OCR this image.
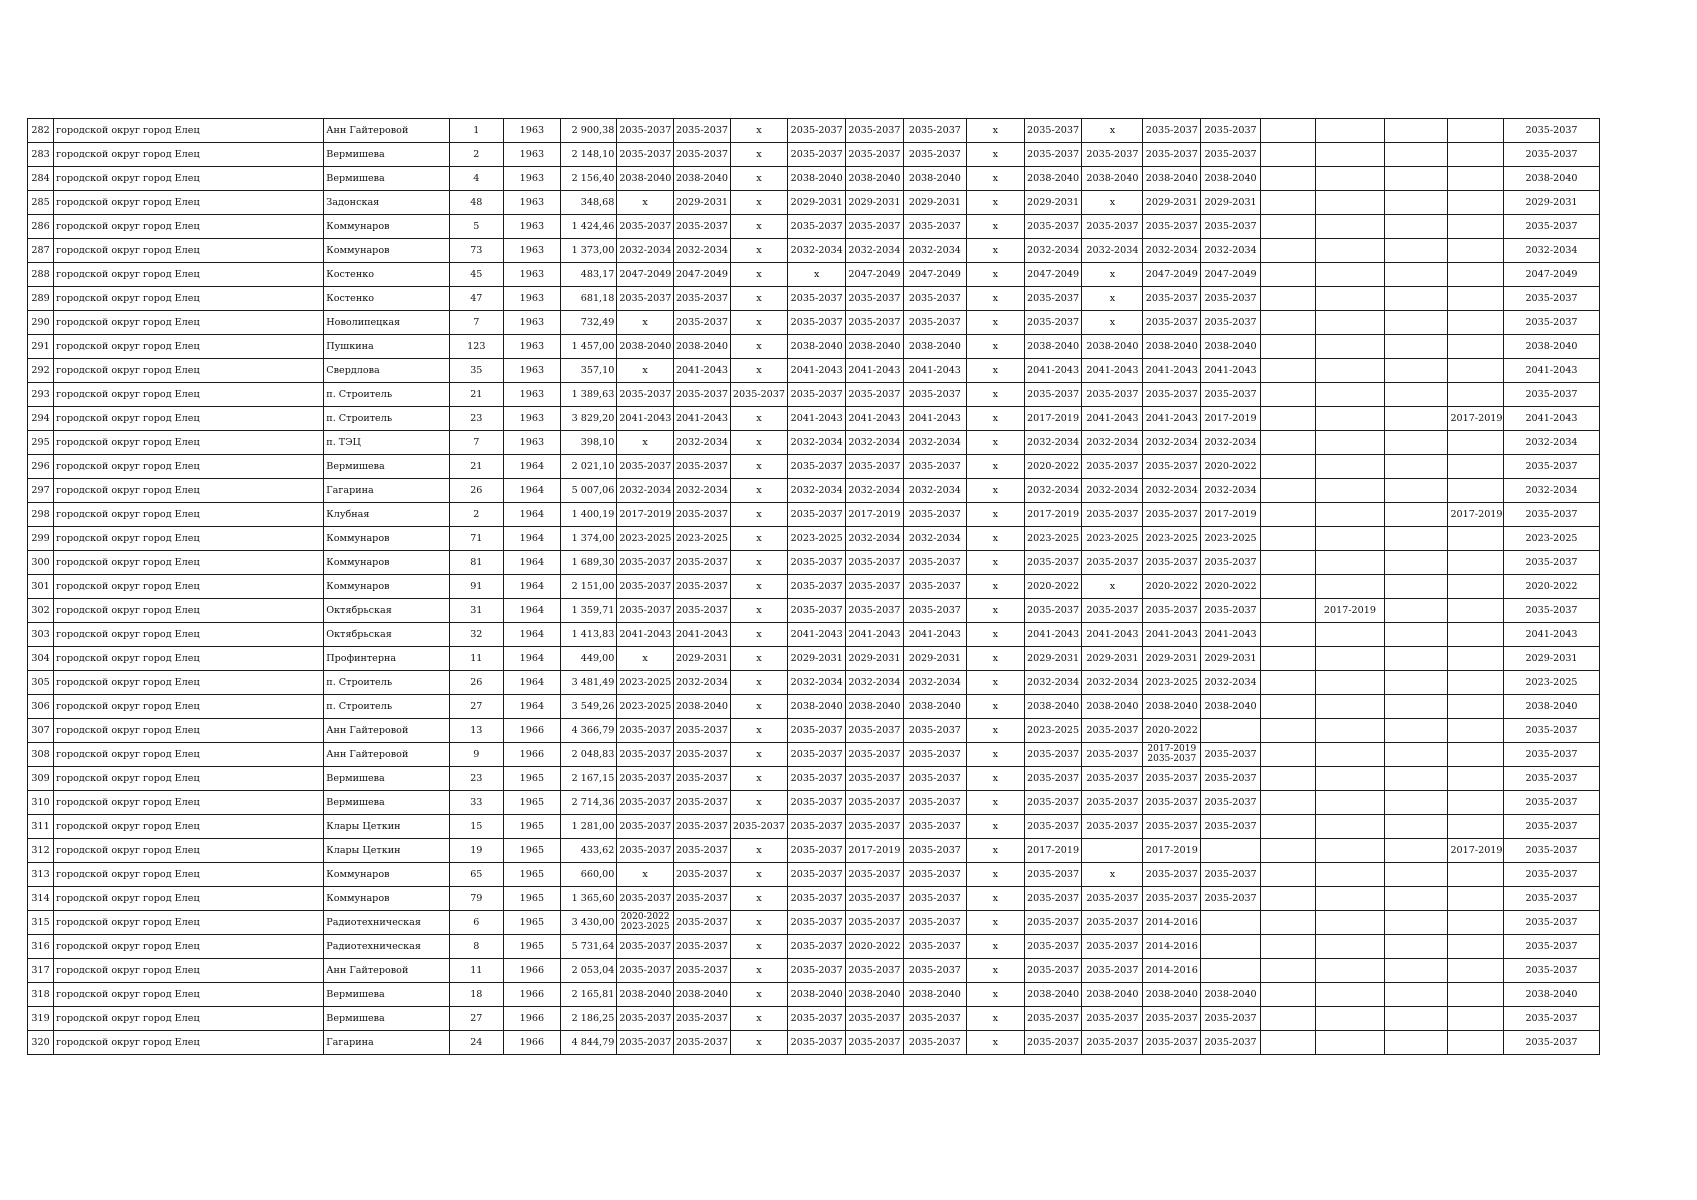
282	городской округ город Елец	Анн Гайтеровой	1	1963	2 900,38	2035-2037	2035-2037	x	2035-2037	2035-2037	2035-2037	x	2035-2037	x	2035-2037	2035-2037					2035-2037
283	городской округ город Елец	Вермишева	2	1963	2 148,10	2035-2037	2035-2037	x	2035-2037	2035-2037	2035-2037	x	2035-2037	2035-2037	2035-2037	2035-2037					2035-2037
284	городской округ город Елец	Вермишева	4	1963	2 156,40	2038-2040	2038-2040	x	2038-2040	2038-2040	2038-2040	x	2038-2040	2038-2040	2038-2040	2038-2040					2038-2040
285	городской округ город Елец	Задонская	48	1963	348,68	x	2029-2031	x	2029-2031	2029-2031	2029-2031	x	2029-2031	x	2029-2031	2029-2031					2029-2031
286	городской округ город Елец	Коммунаров	5	1963	1 424,46	2035-2037	2035-2037	x	2035-2037	2035-2037	2035-2037	x	2035-2037	2035-2037	2035-2037	2035-2037					2035-2037
287	городской округ город Елец	Коммунаров	73	1963	1 373,00	2032-2034	2032-2034	x	2032-2034	2032-2034	2032-2034	x	2032-2034	2032-2034	2032-2034	2032-2034					2032-2034
288	городской округ город Елец	Костенко	45	1963	483,17	2047-2049	2047-2049	x	x	2047-2049	2047-2049	x	2047-2049	x	2047-2049	2047-2049					2047-2049
289	городской округ город Елец	Костенко	47	1963	681,18	2035-2037	2035-2037	x	2035-2037	2035-2037	2035-2037	x	2035-2037	x	2035-2037	2035-2037					2035-2037
290	городской округ город Елец	Новолипецкая	7	1963	732,49	x	2035-2037	x	2035-2037	2035-2037	2035-2037	x	2035-2037	x	2035-2037	2035-2037					2035-2037
291	городской округ город Елец	Пушкина	123	1963	1 457,00	2038-2040	2038-2040	x	2038-2040	2038-2040	2038-2040	x	2038-2040	2038-2040	2038-2040	2038-2040					2038-2040
292	городской округ город Елец	Свердлова	35	1963	357,10	x	2041-2043	x	2041-2043	2041-2043	2041-2043	x	2041-2043	2041-2043	2041-2043	2041-2043					2041-2043
293	городской округ город Елец	п. Строитель	21	1963	1 389,63	2035-2037	2035-2037	2035-2037	2035-2037	2035-2037	2035-2037	x	2035-2037	2035-2037	2035-2037	2035-2037					2035-2037
294	городской округ город Елец	п. Строитель	23	1963	3 829,20	2041-2043	2041-2043	x	2041-2043	2041-2043	2041-2043	x	2017-2019	2041-2043	2041-2043	2017-2019				2017-2019	2041-2043
295	городской округ город Елец	п. ТЭЦ	7	1963	398,10	x	2032-2034	x	2032-2034	2032-2034	2032-2034	x	2032-2034	2032-2034	2032-2034	2032-2034					2032-2034
296	городской округ город Елец	Вермишева	21	1964	2 021,10	2035-2037	2035-2037	x	2035-2037	2035-2037	2035-2037	x	2020-2022	2035-2037	2035-2037	2020-2022					2035-2037
297	городской округ город Елец	Гагарина	26	1964	5 007,06	2032-2034	2032-2034	x	2032-2034	2032-2034	2032-2034	x	2032-2034	2032-2034	2032-2034	2032-2034					2032-2034
298	городской округ город Елец	Клубная	2	1964	1 400,19	2017-2019	2035-2037	x	2035-2037	2017-2019	2035-2037	x	2017-2019	2035-2037	2035-2037	2017-2019				2017-2019	2035-2037
299	городской округ город Елец	Коммунаров	71	1964	1 374,00	2023-2025	2023-2025	x	2023-2025	2032-2034	2032-2034	x	2023-2025	2023-2025	2023-2025	2023-2025					2023-2025
300	городской округ город Елец	Коммунаров	81	1964	1 689,30	2035-2037	2035-2037	x	2035-2037	2035-2037	2035-2037	x	2035-2037	2035-2037	2035-2037	2035-2037					2035-2037
301	городской округ город Елец	Коммунаров	91	1964	2 151,00	2035-2037	2035-2037	x	2035-2037	2035-2037	2035-2037	x	2020-2022	x	2020-2022	2020-2022					2020-2022
302	городской округ город Елец	Октябрьская	31	1964	1 359,71	2035-2037	2035-2037	x	2035-2037	2035-2037	2035-2037	x	2035-2037	2035-2037	2035-2037	2035-2037		2017-2019			2035-2037
303	городской округ город Елец	Октябрьская	32	1964	1 413,83	2041-2043	2041-2043	x	2041-2043	2041-2043	2041-2043	x	2041-2043	2041-2043	2041-2043	2041-2043					2041-2043
304	городской округ город Елец	Профинтерна	11	1964	449,00	x	2029-2031	x	2029-2031	2029-2031	2029-2031	x	2029-2031	2029-2031	2029-2031	2029-2031					2029-2031
305	городской округ город Елец	п. Строитель	26	1964	3 481,49	2023-2025	2032-2034	x	2032-2034	2032-2034	2032-2034	x	2032-2034	2032-2034	2023-2025	2032-2034					2023-2025
306	городской округ город Елец	п. Строитель	27	1964	3 549,26	2023-2025	2038-2040	x	2038-2040	2038-2040	2038-2040	x	2038-2040	2038-2040	2038-2040	2038-2040					2038-2040
307	городской округ город Елец	Анн Гайтеровой	13	1966	4 366,79	2035-2037	2035-2037	x	2035-2037	2035-2037	2035-2037	x	2023-2025	2035-2037	2020-2022						2035-2037
308	городской округ город Елец	Анн Гайтеровой	9	1966	2 048,83	2035-2037	2035-2037	x	2035-2037	2035-2037	2035-2037	x	2035-2037	2035-2037	2017-2019 2035-2037	2035-2037					2035-2037
309	городской округ город Елец	Вермишева	23	1965	2 167,15	2035-2037	2035-2037	x	2035-2037	2035-2037	2035-2037	x	2035-2037	2035-2037	2035-2037	2035-2037					2035-2037
310	городской округ город Елец	Вермишева	33	1965	2 714,36	2035-2037	2035-2037	x	2035-2037	2035-2037	2035-2037	x	2035-2037	2035-2037	2035-2037	2035-2037					2035-2037
311	городской округ город Елец	Клары Цеткин	15	1965	1 281,00	2035-2037	2035-2037	2035-2037	2035-2037	2035-2037	2035-2037	x	2035-2037	2035-2037	2035-2037	2035-2037					2035-2037
312	городской округ город Елец	Клары Цеткин	19	1965	433,62	2035-2037	2035-2037	x	2035-2037	2017-2019	2035-2037	x	2017-2019		2017-2019					2017-2019	2035-2037
313	городской округ город Елец	Коммунаров	65	1965	660,00	x	2035-2037	x	2035-2037	2035-2037	2035-2037	x	2035-2037	x	2035-2037	2035-2037					2035-2037
314	городской округ город Елец	Коммунаров	79	1965	1 365,60	2035-2037	2035-2037	x	2035-2037	2035-2037	2035-2037	x	2035-2037	2035-2037	2035-2037	2035-2037					2035-2037
315	городской округ город Елец	Радиотехническая	6	1965	3 430,00	2020-2022 2023-2025	2035-2037	x	2035-2037	2035-2037	2035-2037	x	2035-2037	2035-2037	2014-2016						2035-2037
316	городской округ город Елец	Радиотехническая	8	1965	5 731,64	2035-2037	2035-2037	x	2035-2037	2020-2022	2035-2037	x	2035-2037	2035-2037	2014-2016						2035-2037
317	городской округ город Елец	Анн Гайтеровой	11	1966	2 053,04	2035-2037	2035-2037	x	2035-2037	2035-2037	2035-2037	x	2035-2037	2035-2037	2014-2016						2035-2037
318	городской округ город Елец	Вермишева	18	1966	2 165,81	2038-2040	2038-2040	x	2038-2040	2038-2040	2038-2040	x	2038-2040	2038-2040	2038-2040	2038-2040					2038-2040
319	городской округ город Елец	Вермишева	27	1966	2 186,25	2035-2037	2035-2037	x	2035-2037	2035-2037	2035-2037	x	2035-2037	2035-2037	2035-2037	2035-2037					2035-2037
320	городской округ город Елец	Гагарина	24	1966	4 844,79	2035-2037	2035-2037	x	2035-2037	2035-2037	2035-2037	x	2035-2037	2035-2037	2035-2037	2035-2037					2035-2037
